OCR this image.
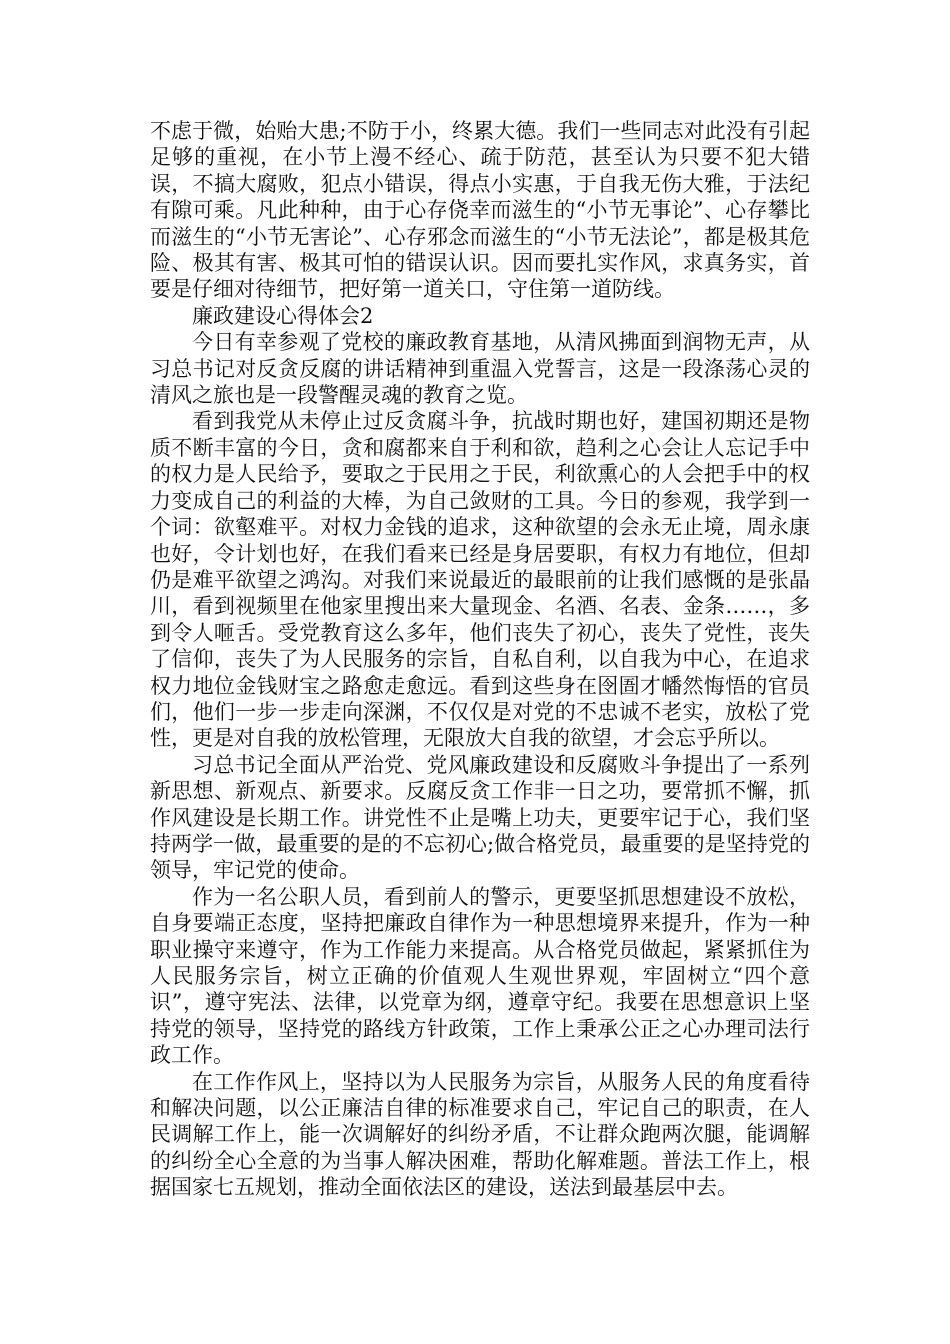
不虑于微，始贻大患;不防于小，终累大德。我们一些同志对此没有引起足够的重视，在小节上漫不经心、疏于防范，甚至认为只要不犯大错误，不搞大腐败，犯点小错误，得点小实惠，于自我无伤大雅，于法纪有隙可乘。凡此种种，由于心存侥幸而滋生的“小节无事论”、心存攀比而滋生的“小节无害论”、心存邪念而滋生的“小节无法论”，都是极其危险、极其有害、极其可怕的错误认识。因而要扎实作风，求真务实，首要是仔细对待细节，把好第一道关口，守住第一道防线。

廉政建设心得体会2

今日有幸参观了党校的廉政教育基地，从清风拂面到润物无声，从习总书记对反贪反腐的讲话精神到重温入党誓言，这是一段涤荡心灵的清风之旅也是一段警醒灵魂的教育之览。

看到我党从未停止过反贪腐斗争，抗战时期也好，建国初期还是物质不断丰富的今日，贪和腐都来自于利和欲，趋利之心会让人忘记手中的权力是人民给予，要取之于民用之于民，利欲熏心的人会把手中的权力变成自己的利益的大棒，为自己敛财的工具。今日的参观，我学到一个词：欲壑难平。对权力金钱的追求，这种欲望的会永无止境，周永康也好，令计划也好，在我们看来已经是身居要职，有权力有地位，但却仍是难平欲望之鸿沟。对我们来说最近的最眼前的让我们感慨的是张晶川，看到视频里在他家里搜出来大量现金、名酒、名表、金条……，多到令人咂舌。受党教育这么多年，他们丧失了初心，丧失了党性，丧失了信仰，丧失了为人民服务的宗旨，自私自利，以自我为中心，在追求权力地位金钱财宝之路愈走愈远。看到这些身在囹圄才幡然悔悟的官员们，他们一步一步走向深渊，不仅仅是对党的不忠诚不老实，放松了党性，更是对自我的放松管理，无限放大自我的欲望，才会忘乎所以。

习总书记全面从严治党、党风廉政建设和反腐败斗争提出了一系列新思想、新观点、新要求。反腐反贪工作非一日之功，要常抓不懈，抓作风建设是长期工作。讲党性不止是嘴上功夫，更要牢记于心，我们坚持两学一做，最重要的是的不忘初心;做合格党员，最重要的是坚持党的领导，牢记党的使命。

作为一名公职人员，看到前人的警示，更要坚抓思想建设不放松，自身要端正态度，坚持把廉政自律作为一种思想境界来提升，作为一种职业操守来遵守，作为工作能力来提高。从合格党员做起，紧紧抓住为人民服务宗旨，树立正确的价值观人生观世界观，牢固树立“四个意识”，遵守宪法、法律，以党章为纲，遵章守纪。我要在思想意识上坚持党的领导，坚持党的路线方针政策，工作上秉承公正之心办理司法行政工作。

在工作作风上，坚持以为人民服务为宗旨，从服务人民的角度看待和解决问题，以公正廉洁自律的标准要求自己，牢记自己的职责，在人民调解工作上，能一次调解好的纠纷矛盾，不让群众跑两次腿，能调解的纠纷全心全意的为当事人解决困难，帮助化解难题。普法工作上，根据国家七五规划，推动全面依法区的建设，送法到最基层中去。
